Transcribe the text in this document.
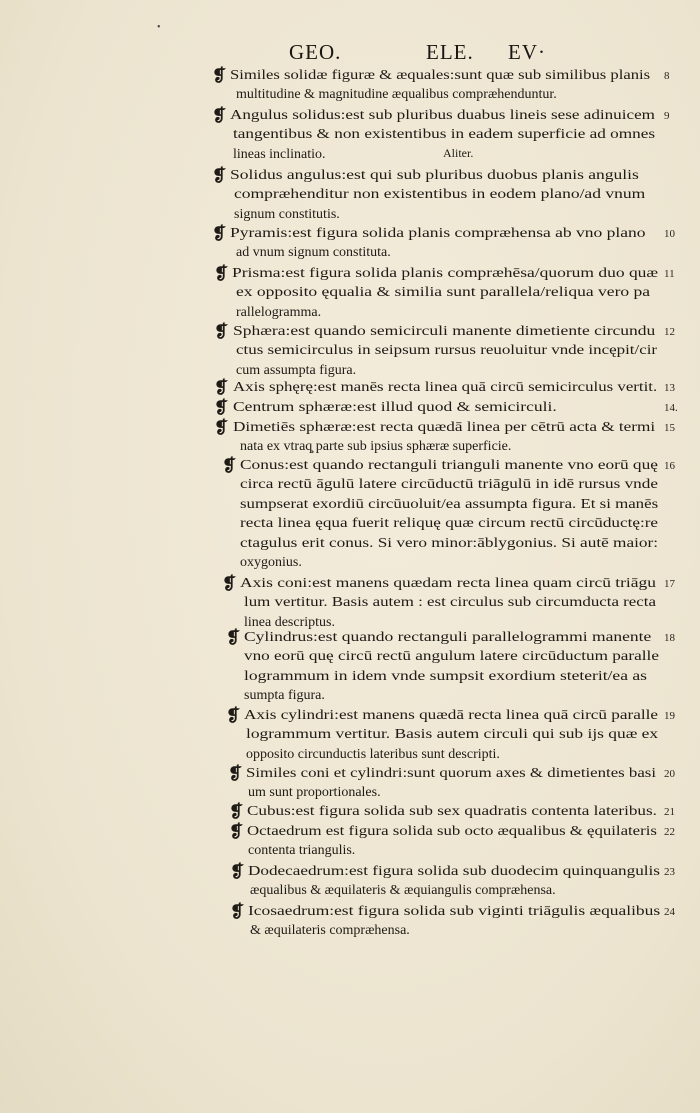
•
GEO.	ELE. EV·
❡ Similes solidæ figuræ & æquales:sunt quæ sub similibus planis
multitudine & magnitudine æqualibus compræhenduntur.
8
❡ Angulus solidus:est sub pluribus duabus lineis sese adinuicem
tangentibus & non existentibus in eadem superficie ad omnes
lineas inclinatio.
9
❡ Solidus angulus:est qui sub pluribus duobus planis angulis
compræhenditur non existentibus in eodem plano/ad vnum
signum constitutis.
❡ Pyramis:est figura solida planis compræhensa ab vno plano
ad vnum signum constituta.
10
❡ Prisma:est figura solida planis compræhēsa/quorum duo quæ
ex opposito ęqualia & similia sunt parallela/reliqua vero pa
rallelogramma.
11
❡ Sphæra:est quando semicirculi manente dimetiente circundu
ctus semicirculus in seipsum rursus reuoluitur vnde incępit/cir
cum assumpta figura.
12
❡ Axis sphęrę:est manēs recta linea quā circū semicirculus vertit. 13
❡ Centrum sphæræ:est illud quod & semicirculi.	14.
❡ Dimetiēs sphæræ:est recta quædā linea per cētrū acta & termi
nata ex vtraq̧ parte sub ipsius sphæræ superficie.
15
❡ Conus:est quando rectanguli trianguli manente vno eorū quę
circa rectū āgulū latere circūductū triāgulū in idē rursus vnde
sumpserat exordiū circūuoluit/ea assumpta figura. Et si manēs
recta linea ęqua fuerit reliquę quæ circum rectū circūductę:re
ctagulus erit conus. Si vero minor:āblygonius. Si autē maior:
oxygonius.
16
❡ Axis coni:est manens quædam recta linea quam circū triāgu
lum vertitur. Basis autem : est circulus sub circumducta recta
linea descriptus.
17
❡ Cylindrus:est quando rectanguli parallelogrammi manente
vno eorū quę circū rectū angulum latere circūductum paralle
logrammum in idem vnde sumpsit exordium steterit/ea as
sumpta figura.
18
❡ Axis cylindri:est manens quædā recta linea quā circū paralle
logrammum vertitur. Basis autem circuli qui sub ijs quæ ex
opposito circunductis lateribus sunt descripti.
19
❡ Similes coni et cylindri:sunt quorum axes & dimetientes basi
um sunt proportionales.
20
❡ Cubus:est figura solida sub sex quadratis contenta lateribus. 21
❡ Octaedrum est figura solida sub octo æqualibus & ęquilateris
contenta triangulis.
22
❡ Dodecaedrum:est figura solida sub duodecim quinquangulis
æqualibus & æquilateris & æquiangulis compræhensa.
23
❡ Icosaedrum:est figura solida sub viginti triāgulis æqualibus
& æquilateris compræhensa.
24
Aliter.
